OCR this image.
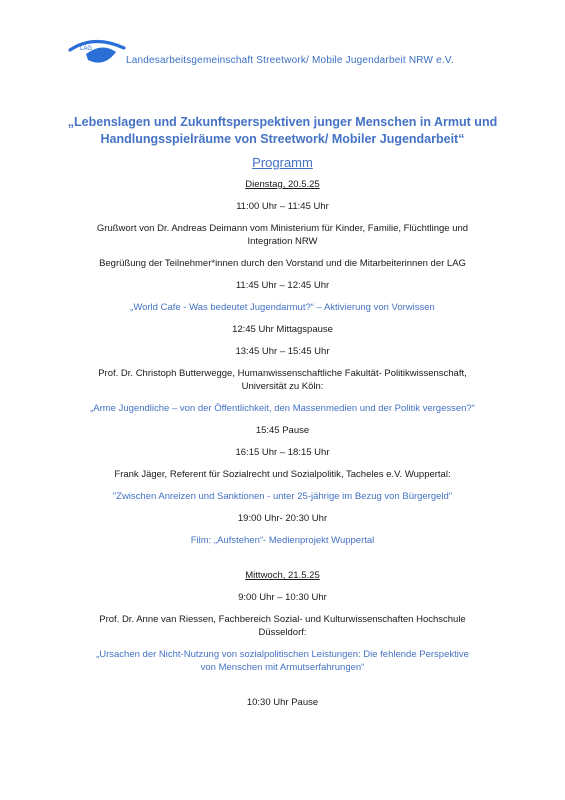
LAG
Landesarbeitsgemeinschaft Streetwork/ Mobile Jugendarbeit NRW e.V.

„Lebenslagen und Zukunftsperspektiven junger Menschen in Armut und
Handlungsspielräume von Streetwork/ Mobiler Jugendarbeit“

Programm

Dienstag, 20.5.25

11:00 Uhr – 11:45 Uhr

Grußwort von Dr. Andreas Deimann vom Ministerium für Kinder, Familie, Flüchtlinge und
Integration NRW

Begrüßung der Teilnehmer*innen durch den Vorstand und die Mitarbeiterinnen der LAG

11:45 Uhr – 12:45 Uhr

„World Cafe - Was bedeutet Jugendarmut?“ – Aktivierung von Vorwissen

12:45 Uhr Mittagspause

13:45 Uhr – 15:45 Uhr

Prof. Dr. Christoph Butterwegge, Humanwissenschaftliche Fakultät- Politikwissenschaft,
Universität zu Köln:

„Arme Jugendliche – von der Öffentlichkeit, den Massenmedien und der Politik vergessen?“

15:45 Pause

16:15 Uhr – 18:15 Uhr

Frank Jäger, Referent für Sozialrecht und Sozialpolitik, Tacheles e.V. Wuppertal:

"Zwischen Anreizen und Sanktionen - unter 25-jährige im Bezug von Bürgergeld"

19:00 Uhr- 20:30 Uhr

Film: „Aufstehen“- Medienprojekt Wuppertal

Mittwoch, 21.5.25

9:00 Uhr – 10:30 Uhr

Prof. Dr. Anne van Riessen, Fachbereich Sozial- und Kulturwissenschaften Hochschule
Düsseldorf:

„Ursachen der Nicht-Nutzung von sozialpolitischen Leistungen: Die fehlende Perspektive
von Menschen mit Armutserfahrungen“

10:30 Uhr Pause
